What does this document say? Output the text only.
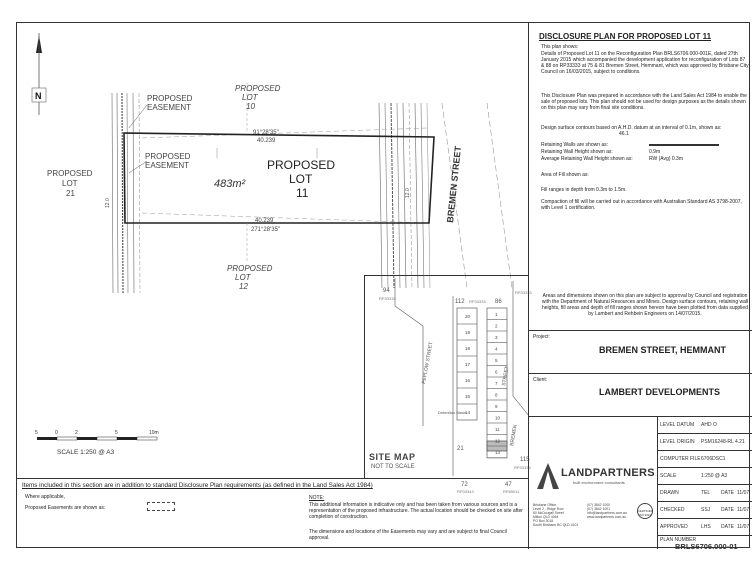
PROPOSED EASEMENT
PROPOSED EASEMENT
PROPOSED LOT 10
PROPOSED LOT 21
PROPOSED LOT 12
PROPOSED LOT 11
483m²
91°28'35"
40.239
40.239
271°28'35"
BREMEN STREET
N
12.0
12.0
5	0	2	5	10m
SCALE 1:250 @ A3
20
19
18
17
16
15
14
1
2
3
4
5
6
7
8
9
10
11
12
13
PEPLOW STREET	STREET
BREMEN
Detention Basin
94
RP33333
112 RP33333 86
RP33333
21
115
RP33333
72
RP33343
47
RP89011
SITE MAP
NOT TO SCALE
Items included in this section are in addition to standard Disclosure Plan requirements (as defined in the Land Sales Act 1984)
Where applicable,
Proposed Easements are shown as:
NOTE:
This additional information is indicative only and has been taken from various sources and is a representation of the proposed infrastructure. The actual location should be checked on site after completion of construction.
The dimensions and locations of the Easements may vary and are subject to final Council approval.
DISCLOSURE PLAN FOR PROPOSED LOT 11
This plan shows:
Details of Proposed Lot 11 on the Reconfiguration Plan BRLS6706.000-001E, dated 27th January 2015 which accompanied the development application for reconfiguration of Lots 87 & 88 on RP33333 at 75 & 81 Bremen Street, Hemmant, which was approved by Brisbane City Council on 16/03/2015, subject to conditions.
This Disclosure Plan was prepared in accordance with the Land Sales Act 1984 to enable the sale of proposed lots. This plan should not be used for design purposes as the details shown on this plan may vary from final site conditions.
Design surface contours based on A.H.D. datum at an interval of 0.1m, shown as:
46.1
Retaining Walls are shown as:
Retaining Wall Height shown as:	0.9m
Average Retaining Wall Height shown as:	RW (Avg) 0.3m
Area of Fill shown as:
Fill ranges in depth from 0.3m to 1.5m.
Compaction of fill will be carried out in accordance with Australian Standard AS 3798-2007, with Level 1 certification.
Areas and dimensions shown on this plan are subject to approval by Council and registration with the Department of Natural Resources and Mines. Design surface contours, retaining wall heights, fill areas and depth of fill ranges shown hereon have been plotted from data supplied by Lambert and Rehbein Engineers on 14/07/2015.
Project:
BREMEN STREET, HEMMANT
Client:
LAMBERT DEVELOPMENTS
LEVEL DATUM AHD O
LEVEL ORIGIN PSM16248-RL 4.21
COMPUTER FILE 6706DSC1
SCALE	1:250 @ A3
DRAWN	TEL DATE 11/07
CHECKED	SSJ DATE 11/07
APPROVED	LHS DATE 11/07
PLAN NUMBER
BRLS6706.000-01
LANDPARTNERS
built environment consultants
Brisbane Office
Level 2 - Ridge Row
60 McDougall Street
Milton QLD 4064
PO Box 3018
South Brisbane BC QLD 4101
(07) 3842 1000
(07) 3842 1001
info@landpartners.com.au
www.landpartners.com.au
CERTIFIED ISO 9001
